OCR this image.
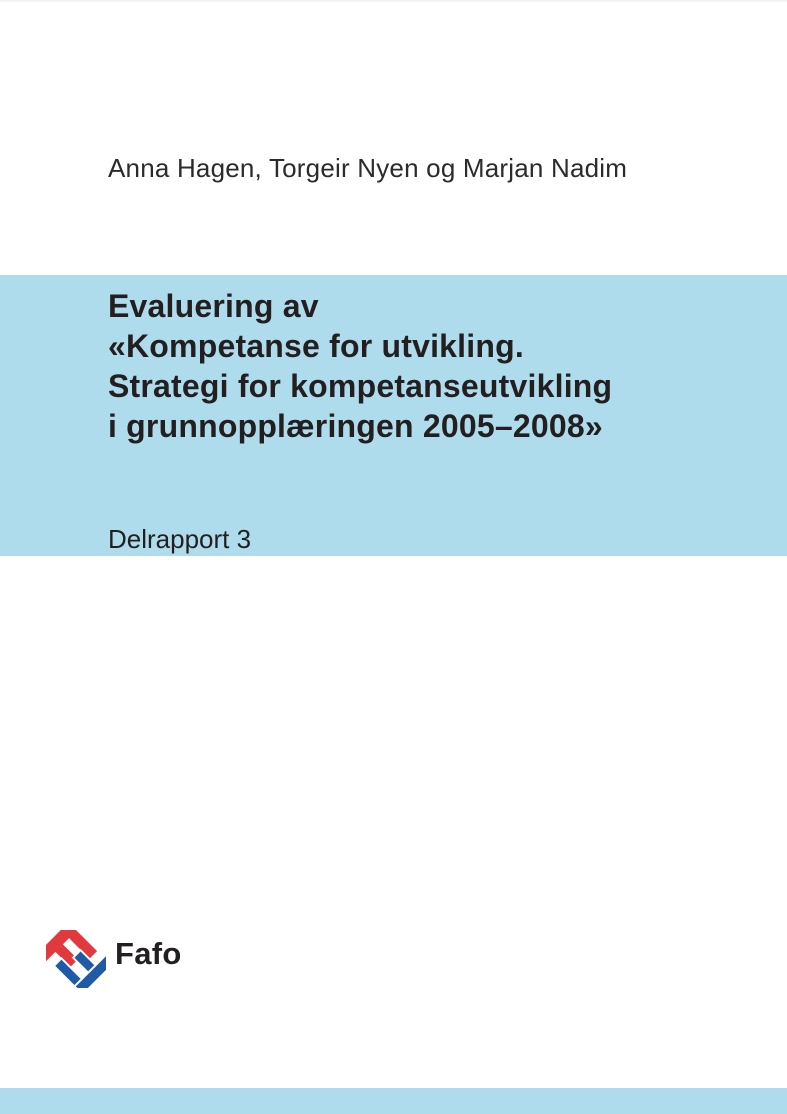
Anna Hagen, Torgeir Nyen og Marjan Nadim
Evaluering av
«Kompetanse for utvikling.
Strategi for kompetanseutvikling
i grunnopplæringen 2005–2008»
Delrapport 3
Fafo
